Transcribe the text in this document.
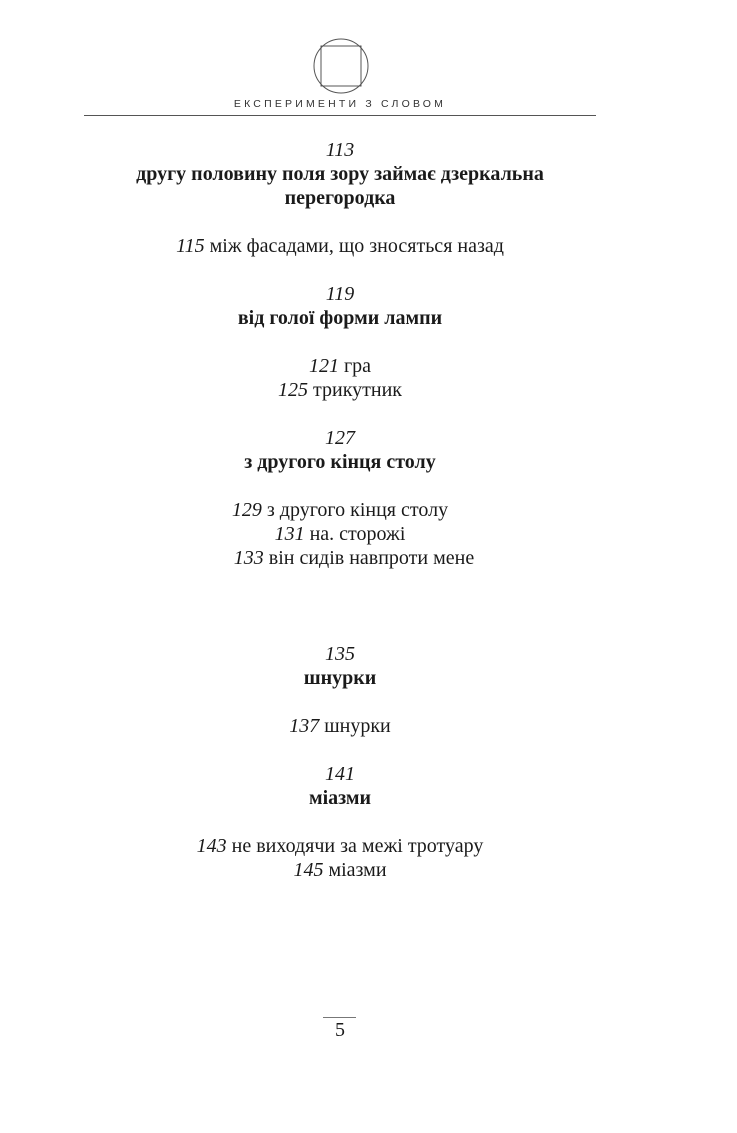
ЕКСПЕРИМЕНТИ З СЛОВОМ
113
другу половину поля зору займає дзеркальна
перегородка
115 між фасадами, що зносяться назад
119
від голої форми лампи
121 гра
125 трикутник
127
з другого кінця столу
129 з другого кінця столу
131 на. сторожі
133 він сидів навпроти мене
135
шнурки
137 шнурки
141
міазми
143 не виходячи за межі тротуару
145 міазми
5
